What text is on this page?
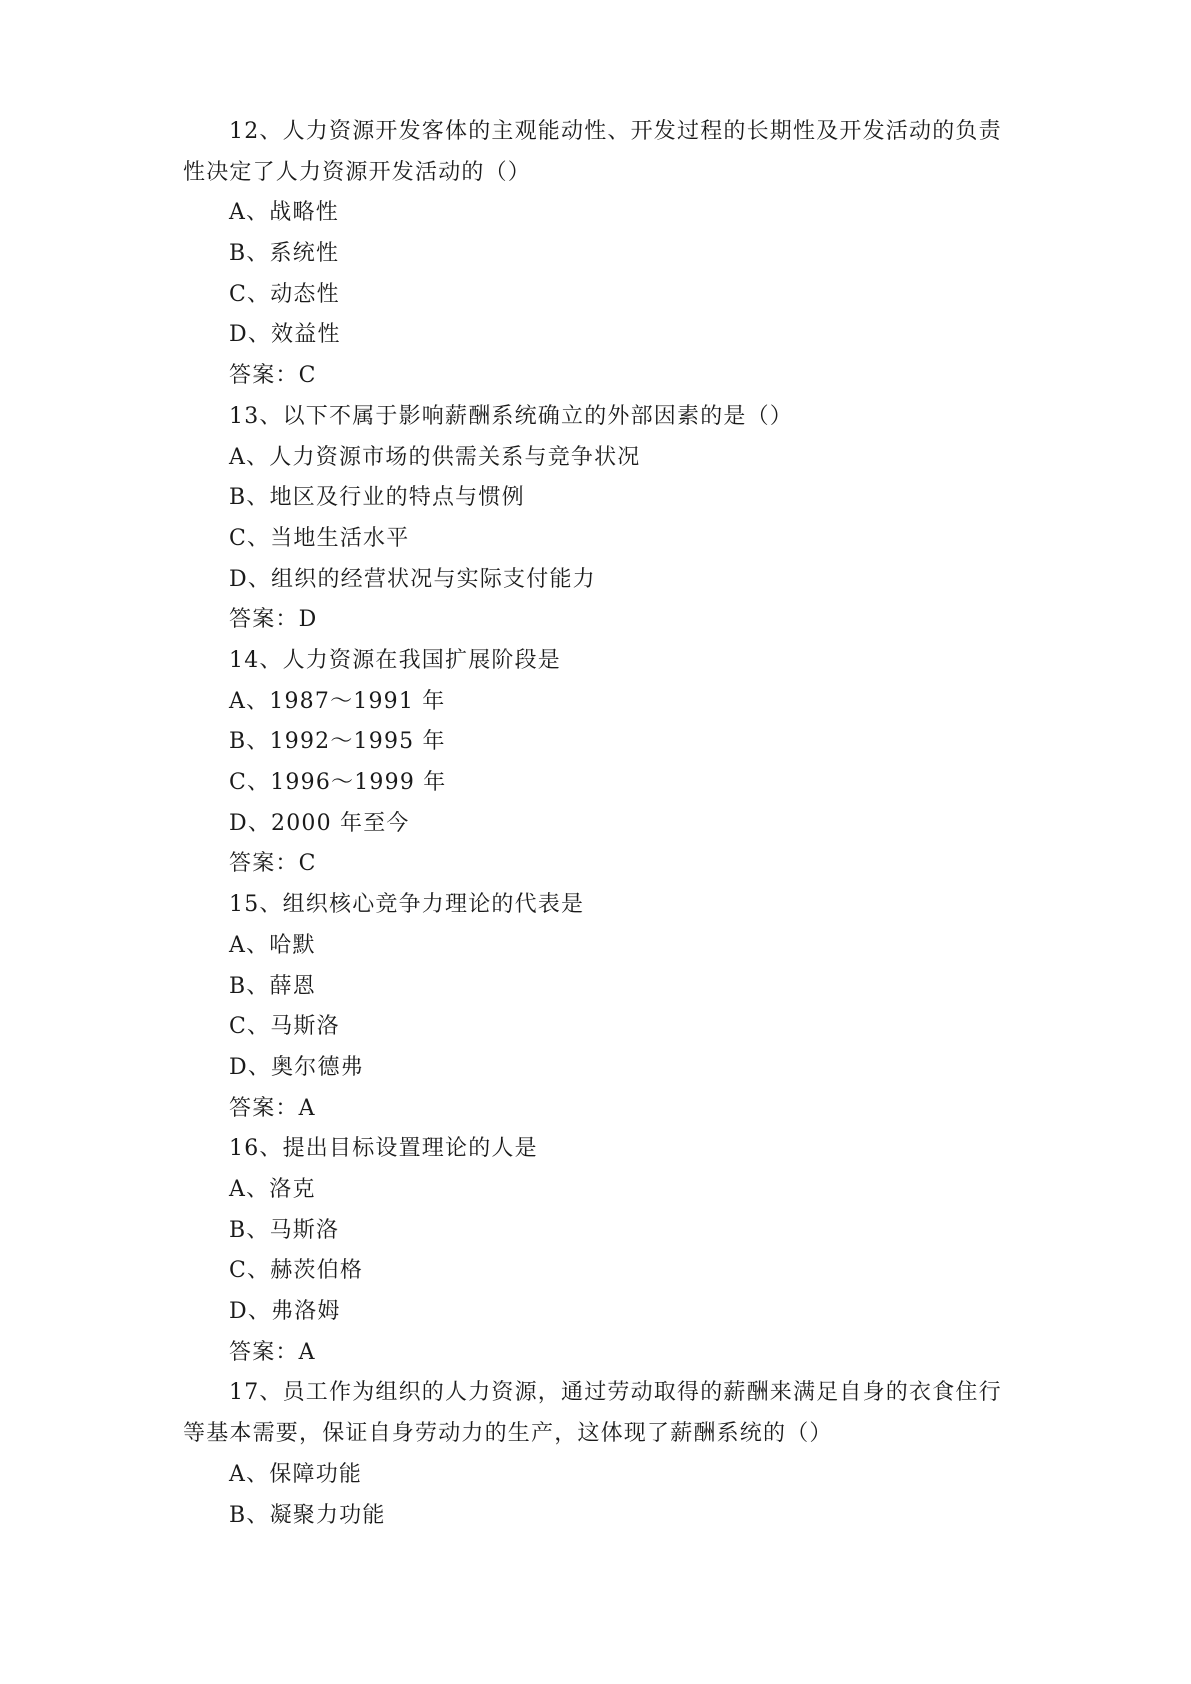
12、人力资源开发客体的主观能动性、开发过程的长期性及开发活动的负责性决定了人力资源开发活动的（）
A、战略性
B、系统性
C、动态性
D、效益性
答案：C
13、以下不属于影响薪酬系统确立的外部因素的是（）
A、人力资源市场的供需关系与竞争状况
B、地区及行业的特点与惯例
C、当地生活水平
D、组织的经营状况与实际支付能力
答案：D
14、人力资源在我国扩展阶段是
A、1987～1991 年
B、1992～1995 年
C、1996～1999 年
D、2000 年至今
答案：C
15、组织核心竞争力理论的代表是
A、哈默
B、薛恩
C、马斯洛
D、奥尔德弗
答案：A
16、提出目标设置理论的人是
A、洛克
B、马斯洛
C、赫茨伯格
D、弗洛姆
答案：A
17、员工作为组织的人力资源，通过劳动取得的薪酬来满足自身的衣食住行等基本需要，保证自身劳动力的生产，这体现了薪酬系统的（）
A、保障功能
B、凝聚力功能
